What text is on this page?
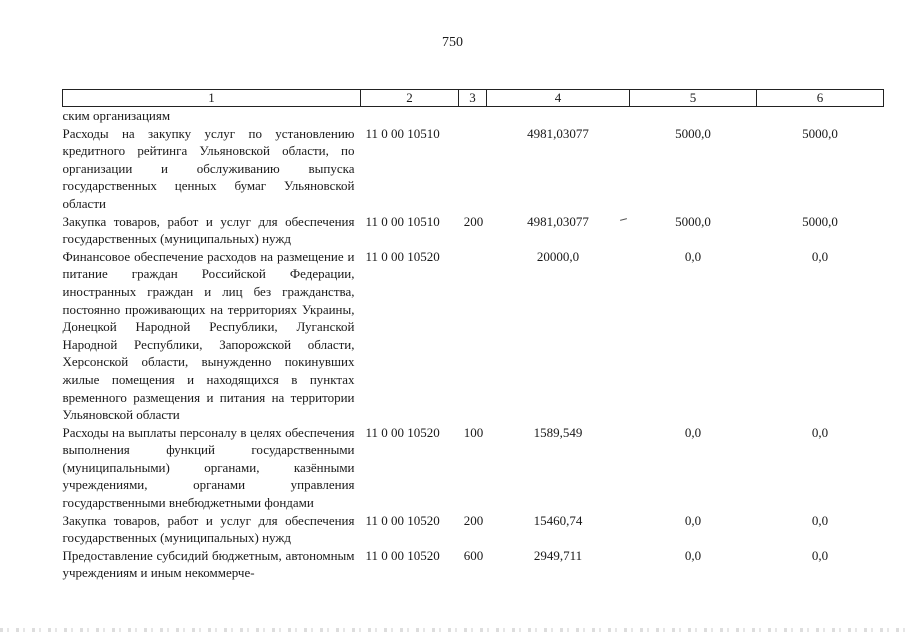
750
1	2	3	4	5	6
ским организациям					
Расходы на закупку услуг по установлению кредитного рейтинга Ульяновской области, по организации и обслуживанию выпуска государственных ценных бумаг Ульяновской области	11 0 00 10510		4981,03077	5000,0	5000,0
Закупка товаров, работ и услуг для обеспечения государственных (муниципальных) нужд	11 0 00 10510	200	4981,03077	5000,0	5000,0
Финансовое обеспечение расходов на размещение и питание граждан Российской Федерации, иностранных граждан и лиц без гражданства, постоянно проживающих на территориях Украины, Донецкой Народной Республики, Луганской Народной Республики, Запорожской области, Херсонской области, вынужденно покинувших жилые помещения и находящихся в пунктах временного размещения и питания на территории Ульяновской области	11 0 00 10520		20000,0	0,0	0,0
Расходы на выплаты персоналу в целях обеспечения выполнения функций государственными (муниципальными) органами, казёнными учреждениями, органами управления государственными внебюджетными фондами	11 0 00 10520	100	1589,549	0,0	0,0
Закупка товаров, работ и услуг для обеспечения государственных (муниципальных) нужд	11 0 00 10520	200	15460,74	0,0	0,0
Предоставление субсидий бюджетным, автономным учреждениям и иным некоммерче-	11 0 00 10520	600	2949,711	0,0	0,0
